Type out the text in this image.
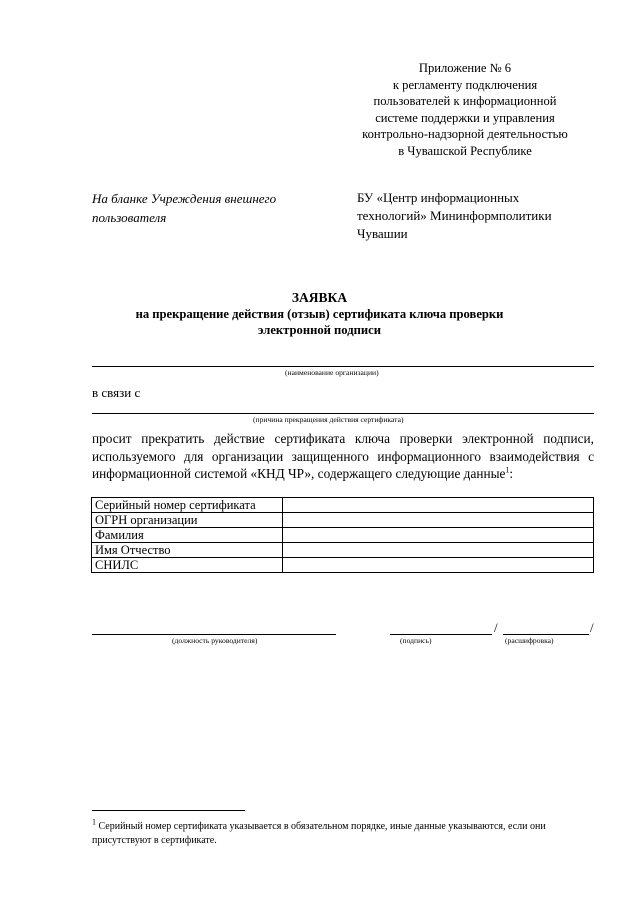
Приложение № 6
к регламенту подключения
пользователей к информационной
системе поддержки и управления
контрольно-надзорной деятельностью
в Чувашской Республике
На бланке Учреждения внешнего
пользователя
БУ «Центр информационных
технологий» Мининформполитики
Чувашии
ЗАЯВКА
на прекращение действия (отзыв) сертификата ключа проверки
электронной подписи
(наименование организации)
в связи с
(причина прекращения действия сертификата)
просит прекратить действие сертификата ключа проверки электронной подписи, используемого для организации защищенного информационного взаимодействия с информационной системой «КНД ЧР», содержащего следующие данные$^1$:
Серийный номер сертификата	
ОГРН организации	
Фамилия	
Имя Отчество	
СНИЛС	
(должность руководителя)
/	/
(подпись)	(расшифровка)
$^1$ Серийный номер сертификата указывается в обязательном порядке, иные данные указываются, если они присутствуют в сертификате.
